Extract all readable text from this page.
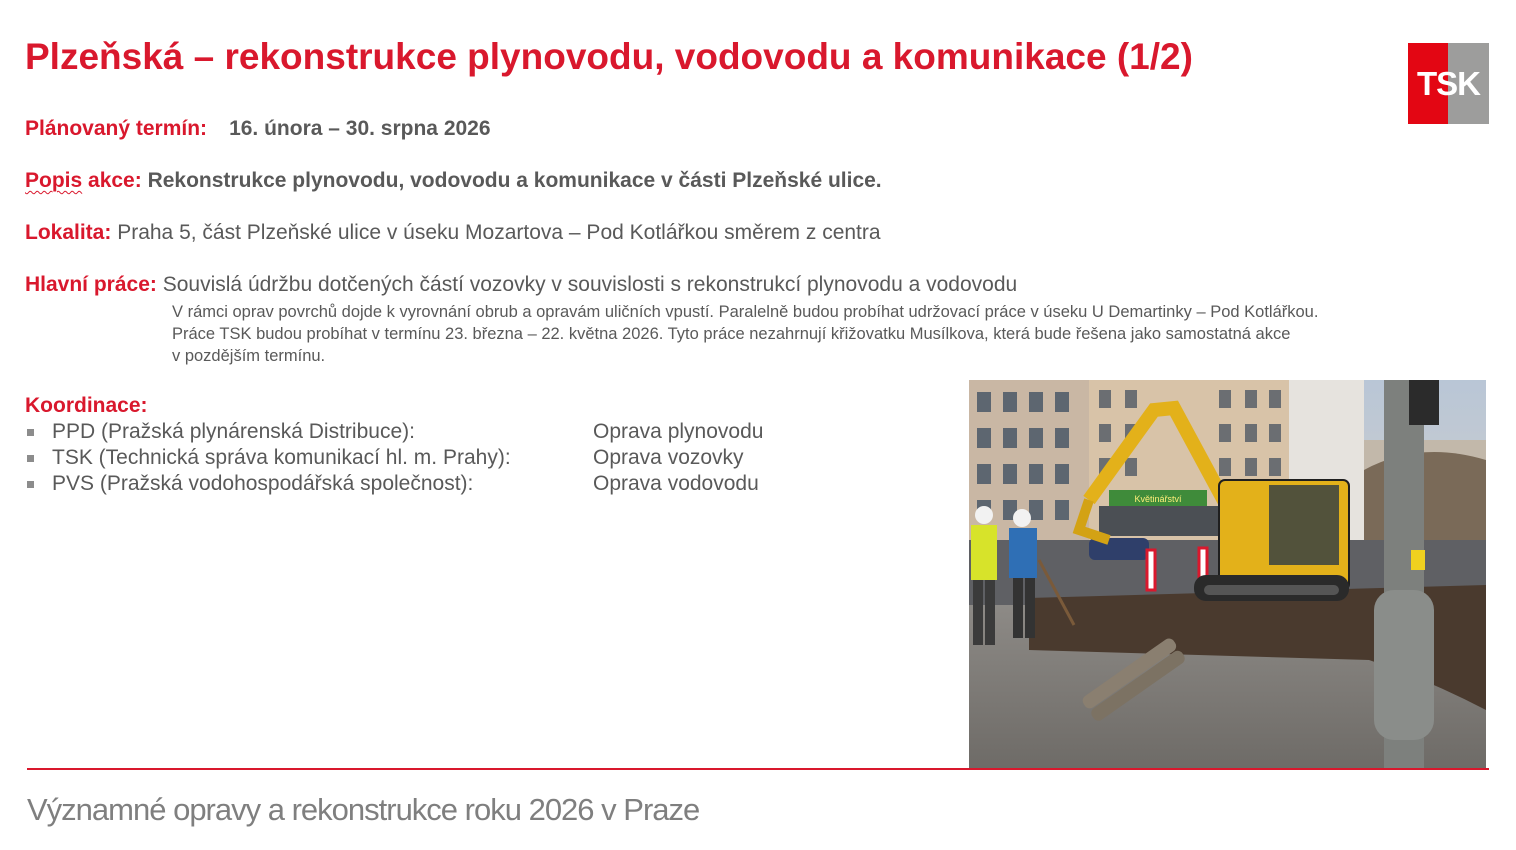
Plzeňská – rekonstrukce plynovodu, vodovodu a komunikace (1/2)
TSK
Plánovaný termín: 16. února – 30. srpna 2026
Popis akce: Rekonstrukce plynovodu, vodovodu a komunikace v části Plzeňské ulice.
Lokalita: Praha 5, část Plzeňské ulice v úseku Mozartova – Pod Kotlářkou směrem z centra
Hlavní práce: Souvislá údržbu dotčených částí vozovky v souvislosti s rekonstrukcí plynovodu a vodovodu
V rámci oprav povrchů dojde k vyrovnání obrub a opravám uličních vpustí. Paralelně budou probíhat udržovací práce v úseku U Demartinky – Pod Kotlářkou.
Práce TSK budou probíhat v termínu 23. března – 22. května 2026. Tyto práce nezahrnují křižovatku Musílkova, která bude řešena jako samostatná akce
v pozdějším termínu.
Koordinace:
PPD (Pražská plynárenská Distribuce):	Oprava plynovodu
TSK (Technická správa komunikací hl. m. Prahy):	Oprava vozovky
PVS (Pražská vodohospodářská společnost):	Oprava vodovodu
Květinářství
Významné opravy a rekonstrukce roku 2026 v Praze
